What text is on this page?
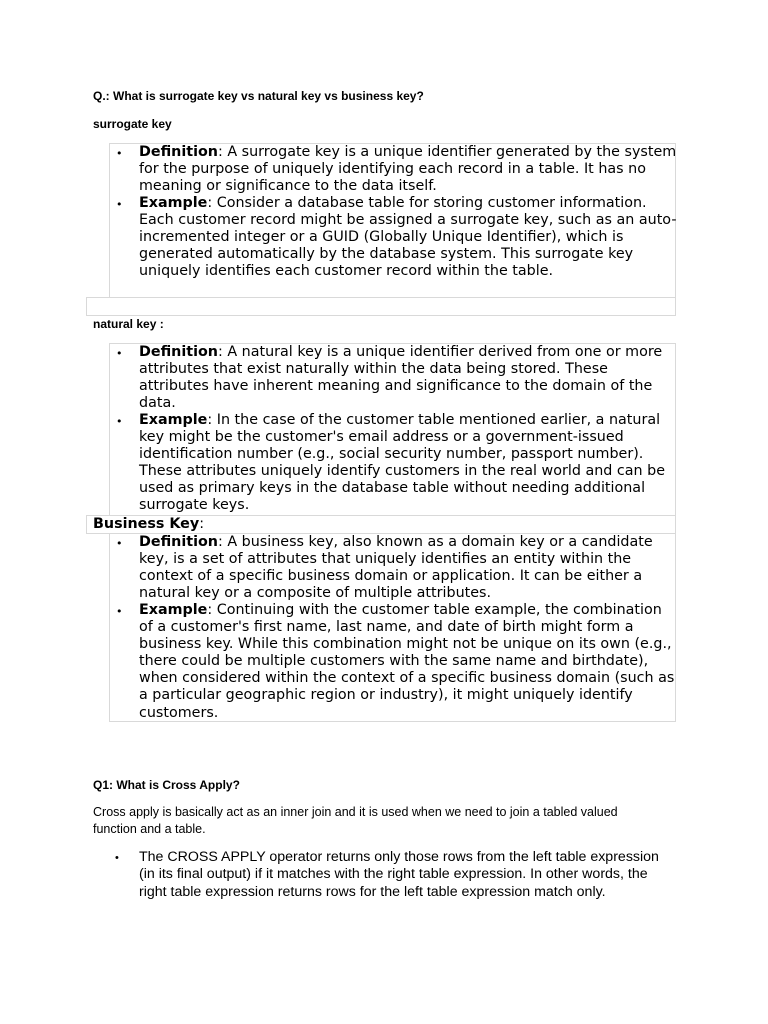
Q.: What is surrogate key vs natural key vs business key?
surrogate key
• Definition: A surrogate key is a unique identifier generated by the system for the purpose of uniquely identifying each record in a table. It has no meaning or significance to the data itself.
• Example: Consider a database table for storing customer information. Each customer record might be assigned a surrogate key, such as an auto-incremented integer or a GUID (Globally Unique Identifier), which is generated automatically by the database system. This surrogate key uniquely identifies each customer record within the table.
natural key :
• Definition: A natural key is a unique identifier derived from one or more attributes that exist naturally within the data being stored. These attributes have inherent meaning and significance to the domain of the data.
• Example: In the case of the customer table mentioned earlier, a natural key might be the customer's email address or a government-issued identification number (e.g., social security number, passport number). These attributes uniquely identify customers in the real world and can be used as primary keys in the database table without needing additional surrogate keys.
Business Key:
• Definition: A business key, also known as a domain key or a candidate key, is a set of attributes that uniquely identifies an entity within the context of a specific business domain or application. It can be either a natural key or a composite of multiple attributes.
• Example: Continuing with the customer table example, the combination of a customer's first name, last name, and date of birth might form a business key. While this combination might not be unique on its own (e.g., there could be multiple customers with the same name and birthdate), when considered within the context of a specific business domain (such as a particular geographic region or industry), it might uniquely identify customers.
Q1: What is Cross Apply?
Cross apply is basically act as an inner join and it is used when we need to join a tabled valued function and a table.
• The CROSS APPLY operator returns only those rows from the left table expression (in its final output) if it matches with the right table expression. In other words, the right table expression returns rows for the left table expression match only.
